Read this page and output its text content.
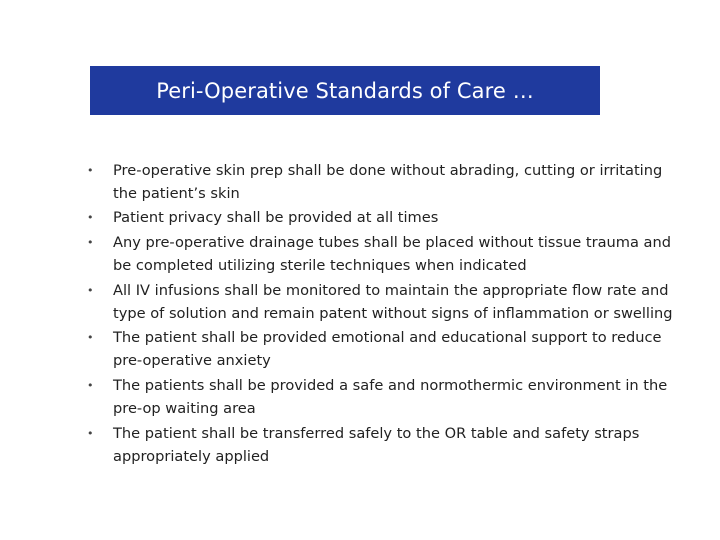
Peri-Operative Standards of Care …
• Pre-operative skin prep shall be done without abrading, cutting or irritating
the patient’s skin
• Patient privacy shall be provided at all times
• Any pre-operative drainage tubes shall be placed without tissue trauma and
be completed utilizing sterile techniques when indicated
• All IV infusions shall be monitored to maintain the appropriate flow rate and
type of solution and remain patent without signs of inflammation or swelling
• The patient shall be provided emotional and educational support to reduce
pre-operative anxiety
• The patients shall be provided a safe and normothermic environment in the
pre-op waiting area
• The patient shall be transferred safely to the OR table and safety straps
appropriately applied
